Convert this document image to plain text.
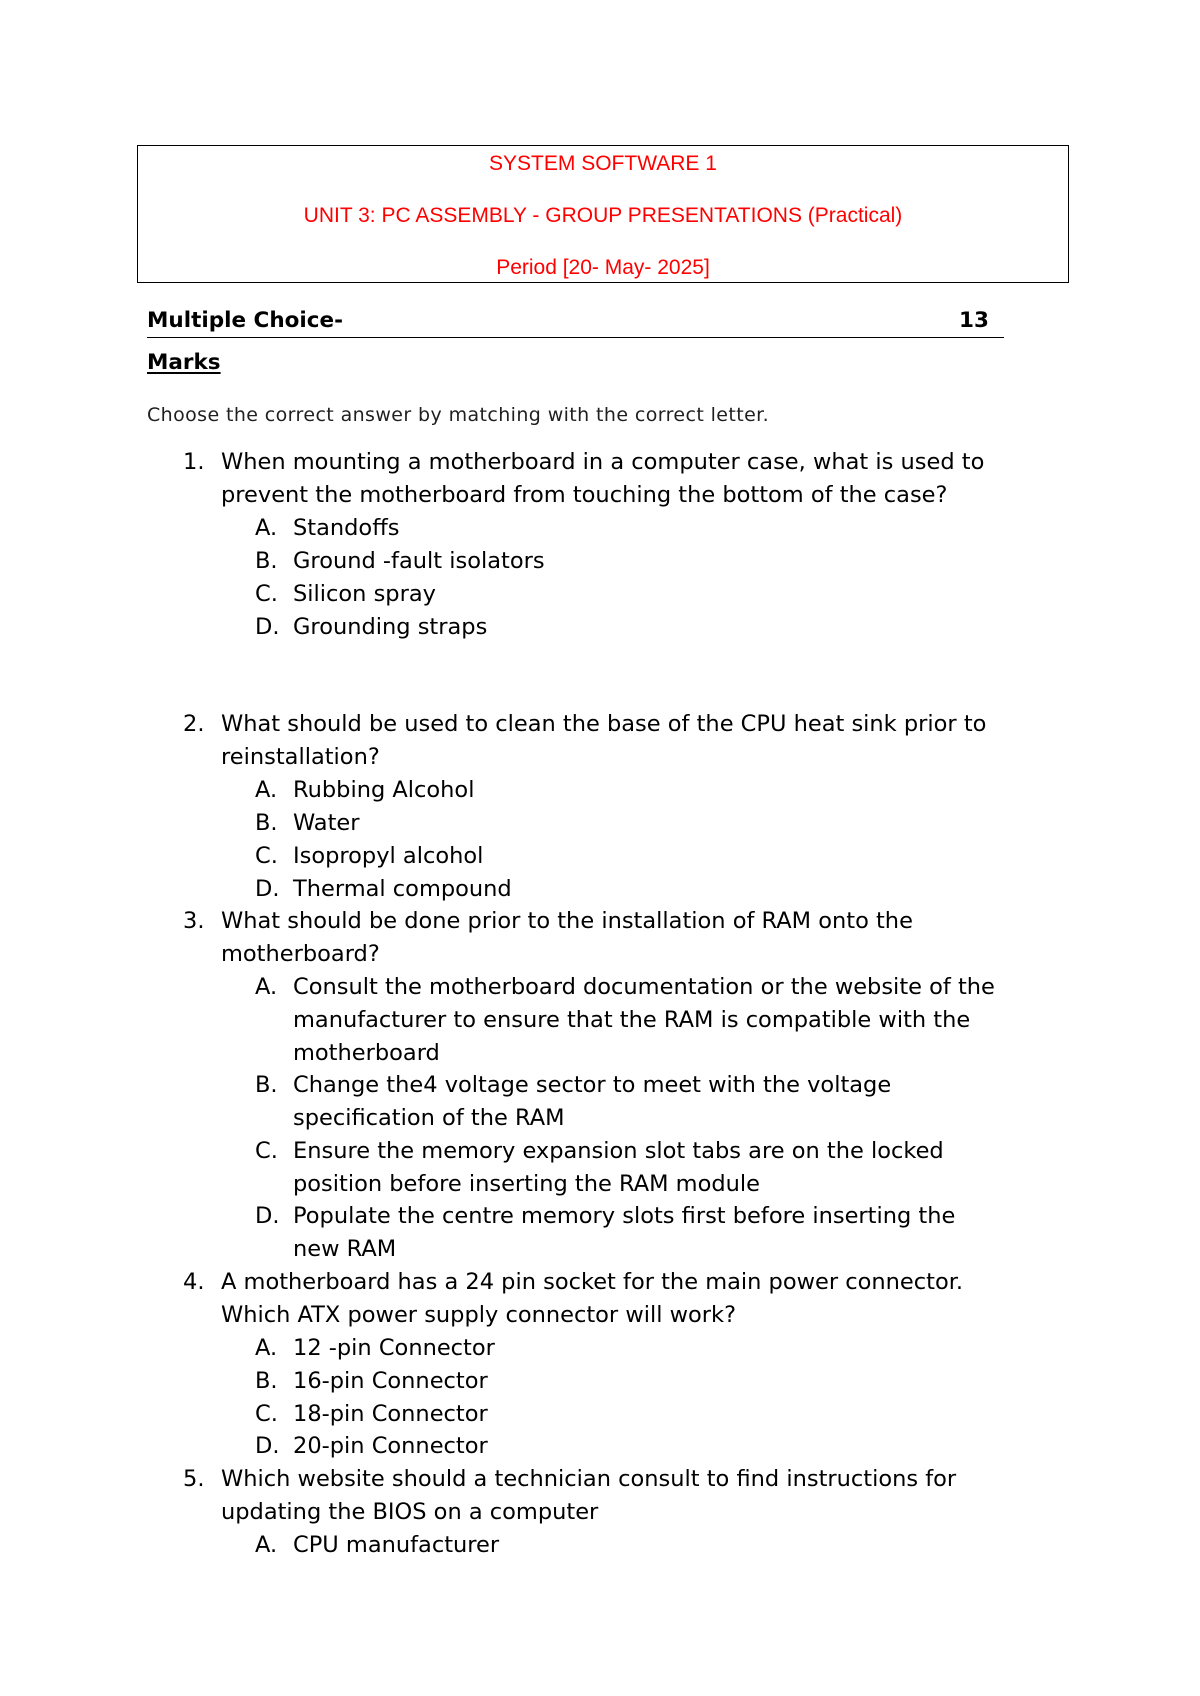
SYSTEM SOFTWARE 1
UNIT 3: PC ASSEMBLY - GROUP PRESENTATIONS (Practical)
Period [20- May- 2025]
Multiple Choice-	13
Marks
Choose the correct answer by matching with the correct letter.
1. When mounting a motherboard in a computer case, what is used to
prevent the motherboard from touching the bottom of the case?
A. Standoffs
B. Ground -fault isolators
C. Silicon spray
D. Grounding straps
2. What should be used to clean the base of the CPU heat sink prior to
reinstallation?
A. Rubbing Alcohol
B. Water
C. Isopropyl alcohol
D. Thermal compound
3. What should be done prior to the installation of RAM onto the
motherboard?
A. Consult the motherboard documentation or the website of the
manufacturer to ensure that the RAM is compatible with the
motherboard
B. Change the4 voltage sector to meet with the voltage
specification of the RAM
C. Ensure the memory expansion slot tabs are on the locked
position before inserting the RAM module
D. Populate the centre memory slots first before inserting the
new RAM
4. A motherboard has a 24 pin socket for the main power connector.
Which ATX power supply connector will work?
A. 12 -pin Connector
B. 16-pin Connector
C. 18-pin Connector
D. 20-pin Connector
5. Which website should a technician consult to find instructions for
updating the BIOS on a computer
A. CPU manufacturer
